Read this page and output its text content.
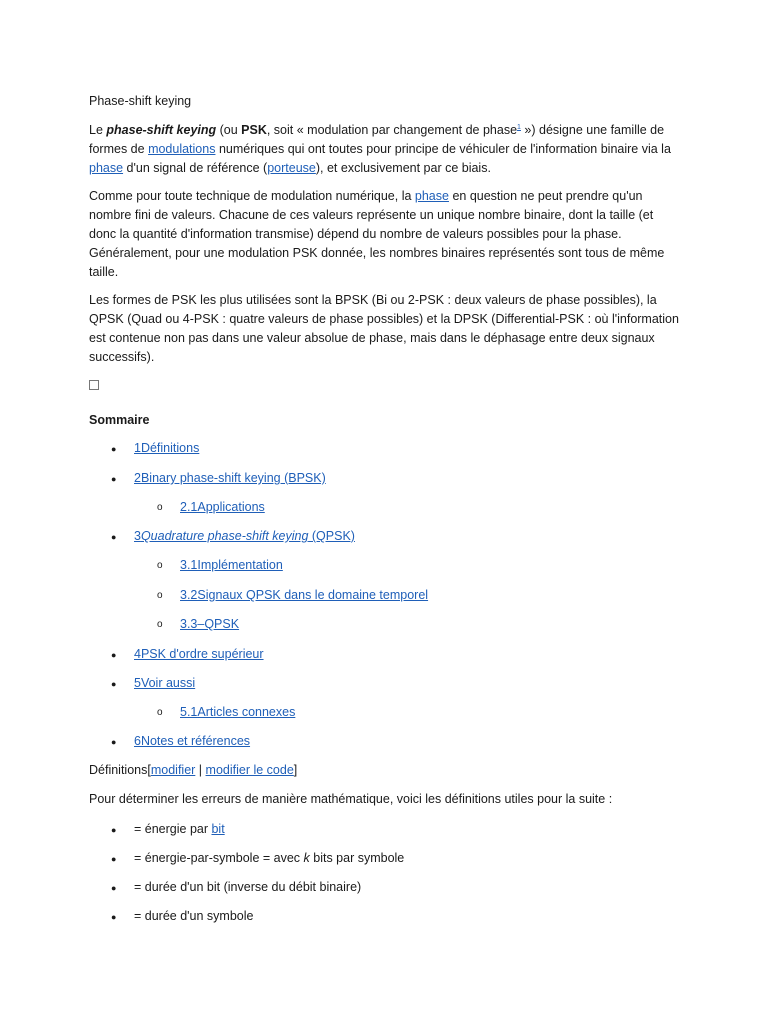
Phase-shift keying

Le phase-shift keying (ou PSK, soit « modulation par changement de phase$^1$ ») désigne une famille de formes de modulations numériques qui ont toutes pour principe de véhiculer de l'information binaire via la phase d'un signal de référence (porteuse), et exclusivement par ce biais.

Comme pour toute technique de modulation numérique, la phase en question ne peut prendre qu'un nombre fini de valeurs. Chacune de ces valeurs représente un unique nombre binaire, dont la taille (et donc la quantité d'information transmise) dépend du nombre de valeurs possibles pour la phase. Généralement, pour une modulation PSK donnée, les nombres binaires représentés sont tous de même taille.

Les formes de PSK les plus utilisées sont la BPSK (Bi ou 2-PSK : deux valeurs de phase possibles), la QPSK (Quad ou 4-PSK : quatre valeurs de phase possibles) et la DPSK (Differential-PSK : où l'information est contenue non pas dans une valeur absolue de phase, mais dans le déphasage entre deux signaux successifs).

Sommaire
●
1Définitions
●
2Binary phase-shift keying (BPSK)
o
2.1Applications
●
3Quadrature phase-shift keying (QPSK)
o
3.1Implémentation
o
3.2Signaux QPSK dans le domaine temporel
o
3.3–QPSK
●
4PSK d'ordre supérieur
●
5Voir aussi
o
5.1Articles connexes
●
6Notes et références
Définitions[modifier | modifier le code]
Pour déterminer les erreurs de manière mathématique, voici les définitions utiles pour la suite :
●
= énergie par bit
●
= énergie-par-symbole = avec k bits par symbole
●
= durée d'un bit (inverse du débit binaire)
●
= durée d'un symbole
